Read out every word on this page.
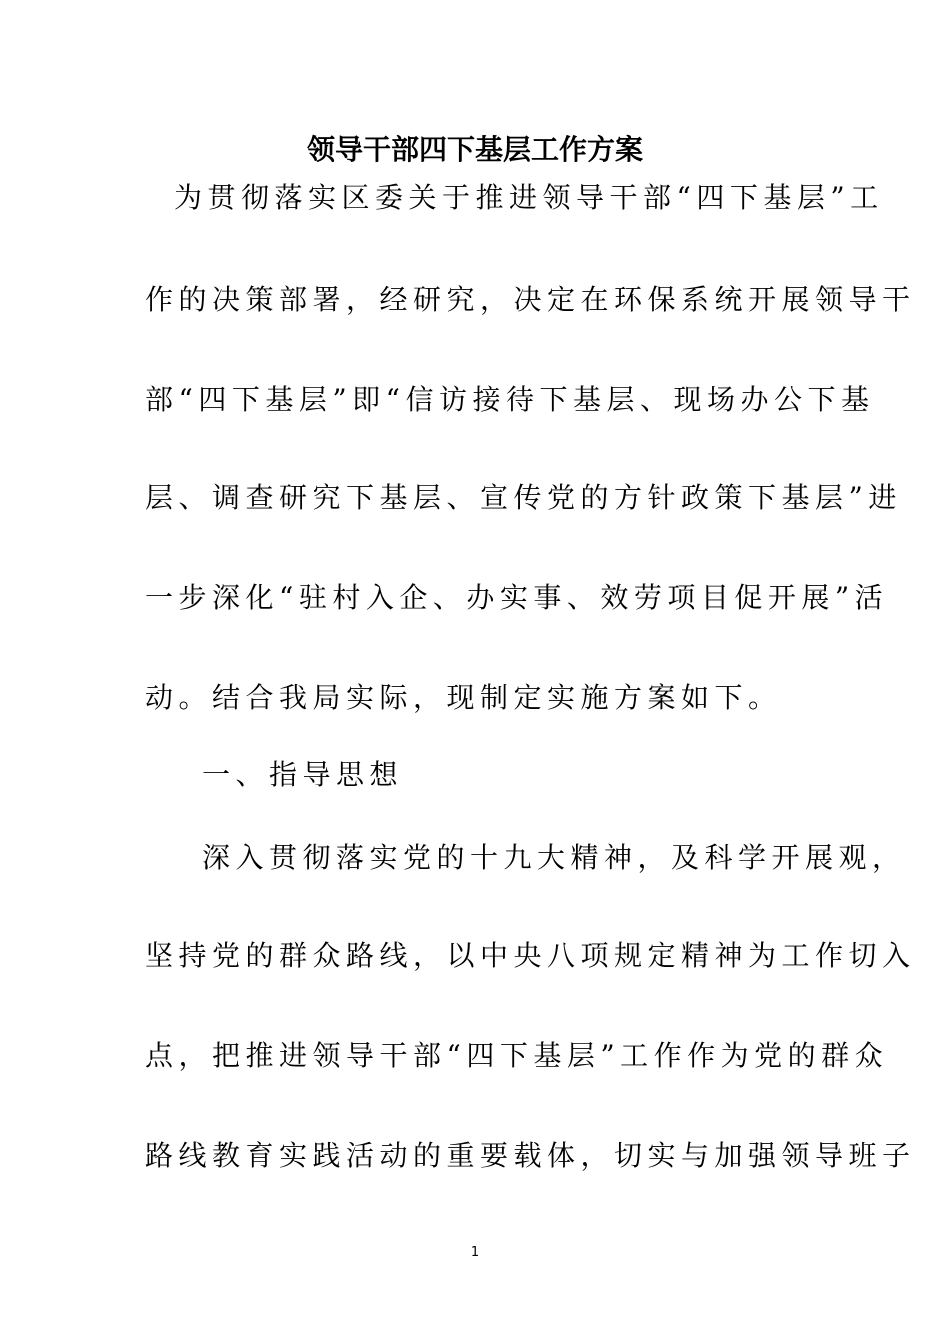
领导干部四下基层工作方案
为贯彻落实区委关于推进领导干部“四下基层”工
作的决策部署，经研究，决定在环保系统开展领导干
部“四下基层”即“信访接待下基层、现场办公下基
层、调查研究下基层、宣传党的方针政策下基层”进
一步深化“驻村入企、办实事、效劳项目促开展”活
动。结合我局实际，现制定实施方案如下。
一、指导思想
深入贯彻落实党的十九大精神，及科学开展观，
坚持党的群众路线，以中央八项规定精神为工作切入
点，把推进领导干部“四下基层”工作作为党的群众
路线教育实践活动的重要载体，切实与加强领导班子
1
